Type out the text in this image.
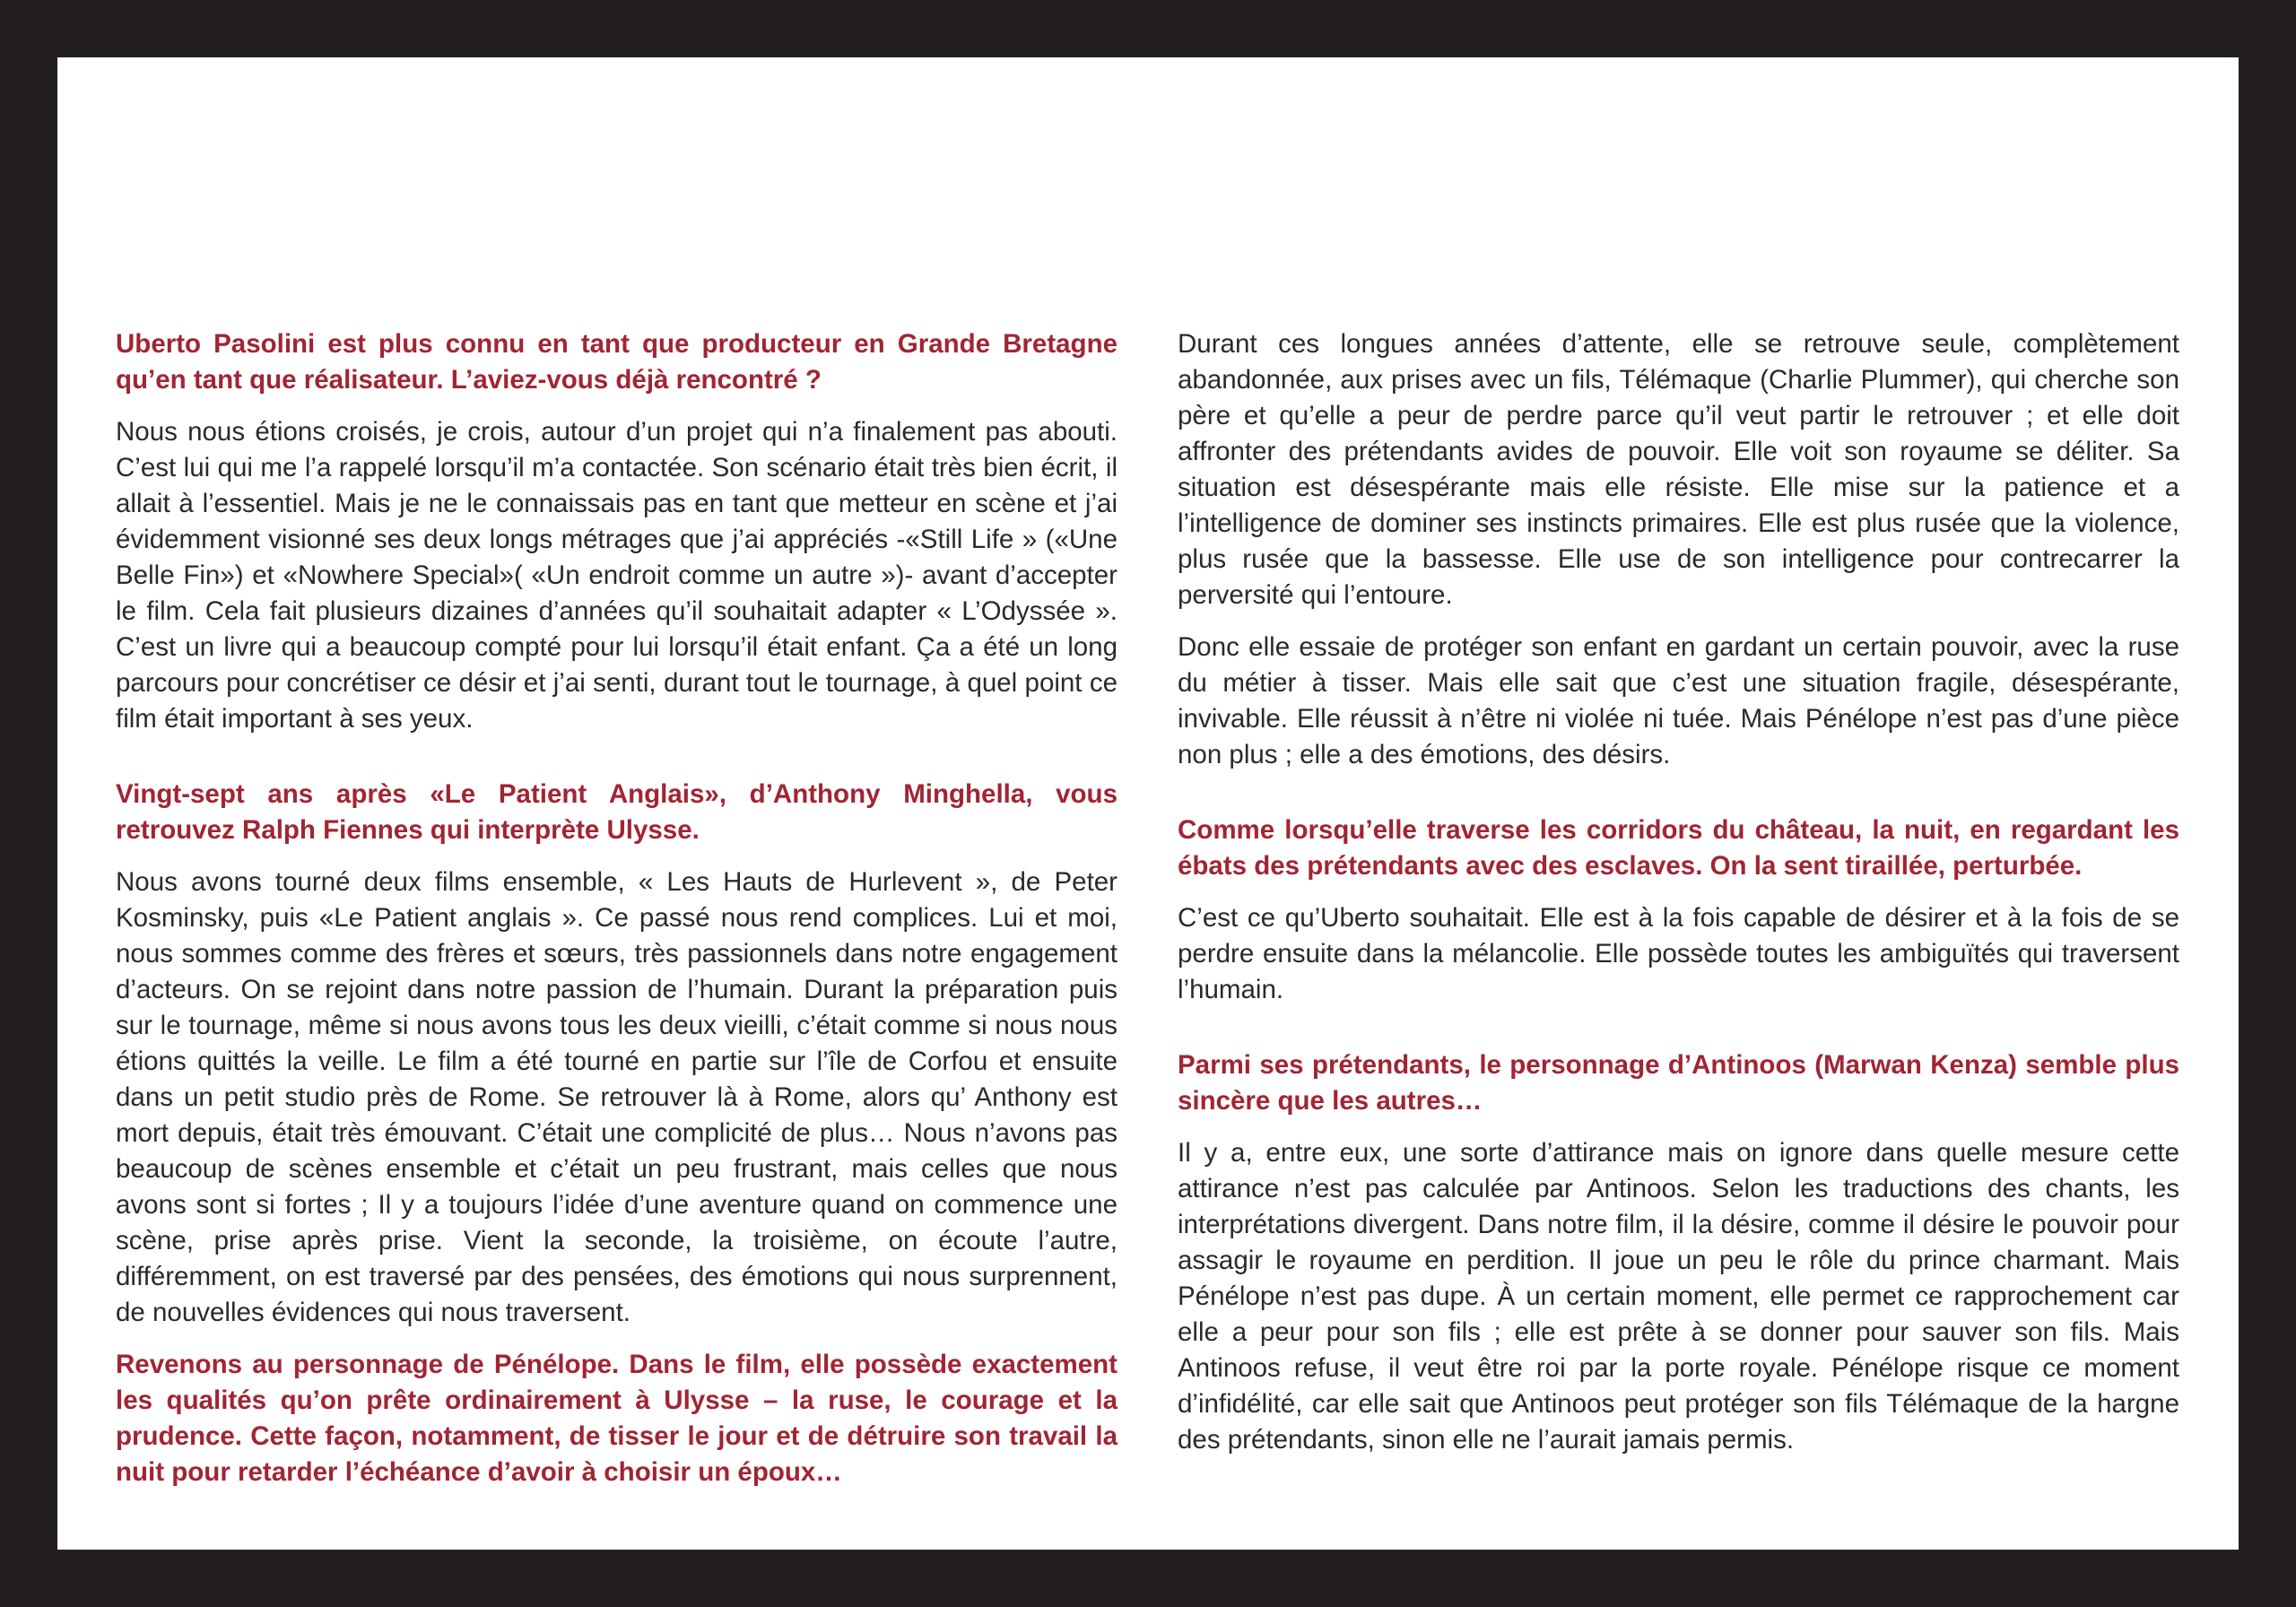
Uberto Pasolini est plus connu en tant que producteur en Grande Bretagne qu’en tant que réalisateur. L’aviez-vous déjà rencontré ?

Nous nous étions croisés, je crois, autour d’un projet qui n’a finalement pas abouti. C’est lui qui me l’a rappelé lorsqu’il m’a contactée. Son scénario était très bien écrit, il allait à l’essentiel. Mais je ne le connaissais pas en tant que metteur en scène et j’ai évidemment visionné ses deux longs métrages que j’ai appréciés -«Still Life » («Une Belle Fin») et «Nowhere Special»( «Un endroit comme un autre »)- avant d’accepter le film. Cela fait plusieurs dizaines d’années qu’il souhaitait adapter « L’Odyssée ». C’est un livre qui a beaucoup compté pour lui lorsqu’il était enfant. Ça a été un long parcours pour concrétiser ce désir et j’ai senti, durant tout le tournage, à quel point ce film était important à ses yeux.

Vingt-sept ans après «Le Patient Anglais», d’Anthony Minghella, vous retrouvez Ralph Fiennes qui interprète Ulysse.

Nous avons tourné deux films ensemble, « Les Hauts de Hurlevent », de Peter Kosminsky, puis «Le Patient anglais ». Ce passé nous rend complices. Lui et moi, nous sommes comme des frères et sœurs, très passionnels dans notre engagement d’acteurs. On se rejoint dans notre passion de l’humain. Durant la préparation puis sur le tournage, même si nous avons tous les deux vieilli, c’était comme si nous nous étions quittés la veille. Le film a été tourné en partie sur l’île de Corfou et ensuite dans un petit studio près de Rome. Se retrouver là à Rome, alors qu’ Anthony est mort depuis, était très émouvant. C’était une complicité de plus… Nous n’avons pas beaucoup de scènes ensemble et c’était un peu frustrant, mais celles que nous avons sont si fortes ; Il y a toujours l’idée d’une aventure quand on commence une scène, prise après prise. Vient la seconde, la troisième, on écoute l’autre, différemment, on est traversé par des pensées, des émotions qui nous surprennent, de nouvelles évidences qui nous traversent.

Revenons au personnage de Pénélope. Dans le film, elle possède exactement les qualités qu’on prête ordinairement à Ulysse – la ruse, le courage et la prudence. Cette façon, notamment, de tisser le jour et de détruire son travail la nuit pour retarder l’échéance d’avoir à choisir un époux…

Durant ces longues années d’attente, elle se retrouve seule, complètement abandonnée, aux prises avec un fils, Télémaque (Charlie Plummer), qui cherche son père et qu’elle a peur de perdre parce qu’il veut partir le retrouver ; et elle doit affronter des prétendants avides de pouvoir. Elle voit son royaume se déliter. Sa situation est désespérante mais elle résiste. Elle mise sur la patience et a l’intelligence de dominer ses instincts primaires. Elle est plus rusée que la violence, plus rusée que la bassesse. Elle use de son intelligence pour contrecarrer la perversité qui l’entoure.

Donc elle essaie de protéger son enfant en gardant un certain pouvoir, avec la ruse du métier à tisser. Mais elle sait que c’est une situation fragile, désespérante, invivable. Elle réussit à n’être ni violée ni tuée. Mais Pénélope n’est pas d’une pièce non plus ; elle a des émotions, des désirs.

Comme lorsqu’elle traverse les corridors du château, la nuit, en regardant les ébats des prétendants avec des esclaves. On la sent tiraillée, perturbée.

C’est ce qu’Uberto souhaitait. Elle est à la fois capable de désirer et à la fois de se perdre ensuite dans la mélancolie. Elle possède toutes les ambiguïtés qui traversent l’humain.

Parmi ses prétendants, le personnage d’Antinoos (Marwan Kenza) semble plus sincère que les autres…

Il y a, entre eux, une sorte d’attirance mais on ignore dans quelle mesure cette attirance n’est pas calculée par Antinoos. Selon les traductions des chants, les interprétations divergent. Dans notre film, il la désire, comme il désire le pouvoir pour assagir le royaume en perdition. Il joue un peu le rôle du prince charmant. Mais Pénélope n’est pas dupe. À un certain moment, elle permet ce rapprochement car elle a peur pour son fils ; elle est prête à se donner pour sauver son fils. Mais Antinoos refuse, il veut être roi par la porte royale. Pénélope risque ce moment d’infidélité, car elle sait que Antinoos peut protéger son fils Télémaque de la hargne des prétendants, sinon elle ne l’aurait jamais permis.
